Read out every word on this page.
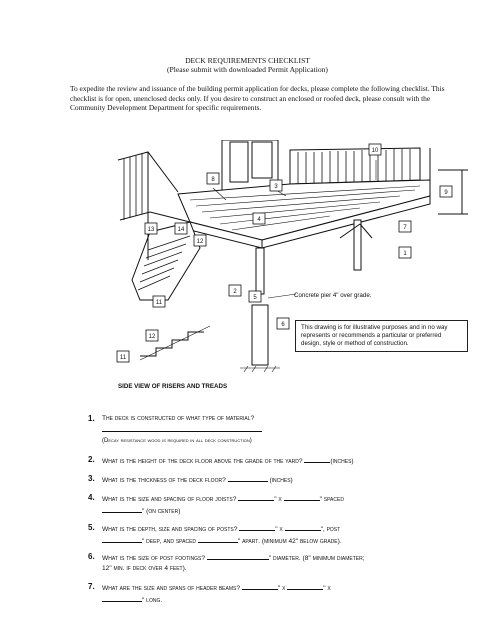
DECK REQUIREMENTS CHECKLIST
(Please submit with downloaded Permit Application)
To expedite the review and issuance of the building permit application for decks, please complete the following checklist. This checklist is for open, unenclosed decks only. If you desire to construct an enclosed or roofed deck, please consult with the Community Development Department for specific requirements.
10
8
3
9
7
4
13	14
12
1
2
5
11
6
12
11
Concrete pier 4" over grade.
This drawing is for illustrative purposes and in no way represents or recommends a particular or preferred design, style or method of construction.
SIDE VIEW OF RISERS AND TREADS
1. The deck is constructed of what type of material?
(Decay resistance wood is required in all deck construction)
2. What is the height of the deck floor above the grade of the yard?	(inches)
3. What is the thickness of the deck floor?	(inches)
4. What is the size and spacing of floor joists?	" x	" spaced
" (on center)
5. What is the depth, size and spacing of posts?	" x	", post
" deep, and spaced	" apart. (minimum 42" below grade).
6. What is the size of post footings?	" diameter. (8" minimum diameter;
12" min. if deck over 4 feet).
7. What are the size and spans of header beams?	" x	" x
" long.
